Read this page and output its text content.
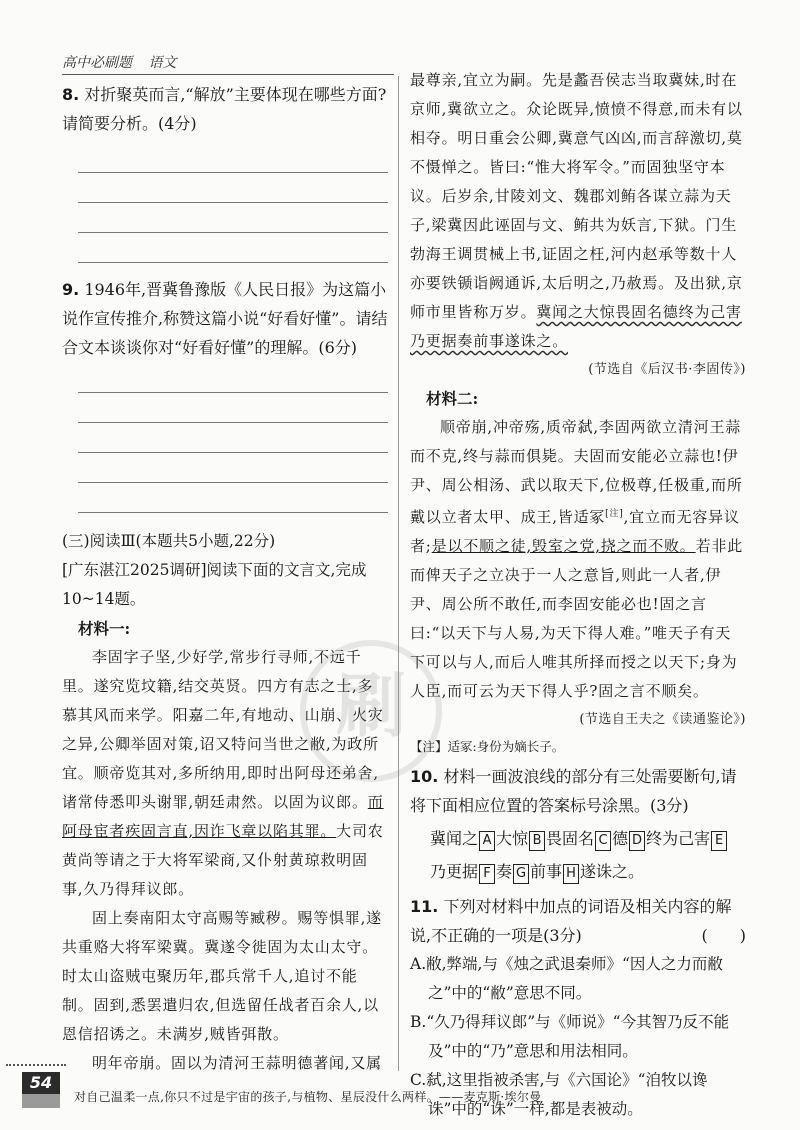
高中必刷题 语文
8. 对折聚英而言,“解放”主要体现在哪些方面?请简要分析。(4分)
9. 1946年,晋冀鲁豫版《人民日报》为这篇小说作宣传推介,称赞这篇小说“好看好懂”。请结合文本谈谈你对“好看好懂”的理解。(6分)
(三)阅读Ⅲ(本题共5小题,22分)
[广东湛江2025调研]阅读下面的文言文,完成10~14题。
材料一:

李固字子坚,少好学,常步行寻师,不远千里。遂究览坟籍,结交英贤。四方有志之士,多慕其风而来学。阳嘉二年,有地动、山崩、火灾之异,公卿举固对策,诏又特问当世之敝,为政所宜。顺帝览其对,多所纳用,即时出阿母还弟舍,诸常侍悉叩头谢罪,朝廷肃然。以固为议郎。而阿母宦者疾固言直,因诈飞章以陷其罪。大司农黄尚等请之于大将军梁商,又仆射黄琼救明固事,久乃得拜议郎。

固上奏南阳太守高赐等臧秽。赐等惧罪,遂共重赂大将军梁冀。冀遂令徙固为太山太守。时太山盗贼屯聚历年,郡兵常千人,追讨不能制。固到,悉罢遣归农,但选留任战者百余人,以恩信招诱之。未满岁,贼皆弭散。

明年帝崩。固以为清河王蒜明德著闻,又属

刷

最尊亲,宜立为嗣。先是蠡吾侯志当取冀妹,时在京师,冀欲立之。众论既异,愤愤不得意,而未有以相夺。明日重会公卿,冀意气凶凶,而言辞激切,莫不慑惮之。皆曰:“惟大将军令。”而固独坚守本议。后岁余,甘陵刘文、魏郡刘鲔各谋立蒜为天子,梁冀因此诬固与文、鲔共为妖言,下狱。门生勃海王调贯械上书,证固之枉,河内赵承等数十人亦要铁锧诣阙通诉,太后明之,乃赦焉。及出狱,京师市里皆称万岁。冀闻之大惊畏固名德终为己害乃更据奏前事遂诛之。

(节选自《后汉书·李固传》)
材料二:

顺帝崩,冲帝殇,质帝弑,李固两欲立清河王蒜而不克,终与蒜而俱毙。夫固而安能必立蒜也!伊尹、周公相汤、武以取天下,位极尊,任极重,而所戴以立者太甲、成王,皆适冢[注],宜立而无容异议者;是以不顺之徒,毁室之党,挠之而不败。若非此而俾天子之立决于一人之意旨,则此一人者,伊尹、周公所不敢任,而李固安能必也!固之言曰:“以天下与人易,为天下得人难。”唯天子有天下可以与人,而后人唯其所择而授之以天下;身为人臣,而可云为天下得人乎?固之言不顺矣。

(节选自王夫之《读通鉴论》)
【注】适冢:身份为嫡长子。
10. 材料一画波浪线的部分有三处需要断句,请将下面相应位置的答案标号涂黑。(3分)
冀闻之 A 大惊 B 畏固名 C 德 D 终为己害 E
乃更据 F 奏 G 前事 H 遂诛之。
11. 下列对材料中加点的词语及相关内容的解说,不正确的一项是(3分)	(　　)
A.敝,弊端,与《烛之武退秦师》“因人之力而敝之”中的“敝”意思不同。
B.“久乃得拜议郎”与《师说》“今其智乃反不能及”中的“乃”意思和用法相同。
C.弑,这里指被杀害,与《六国论》“洎牧以谗诛”中的“诛”一样,都是表被动。
54
对自己温柔一点,你只不过是宇宙的孩子,与植物、星辰没什么两样。——麦克斯·埃尔曼
